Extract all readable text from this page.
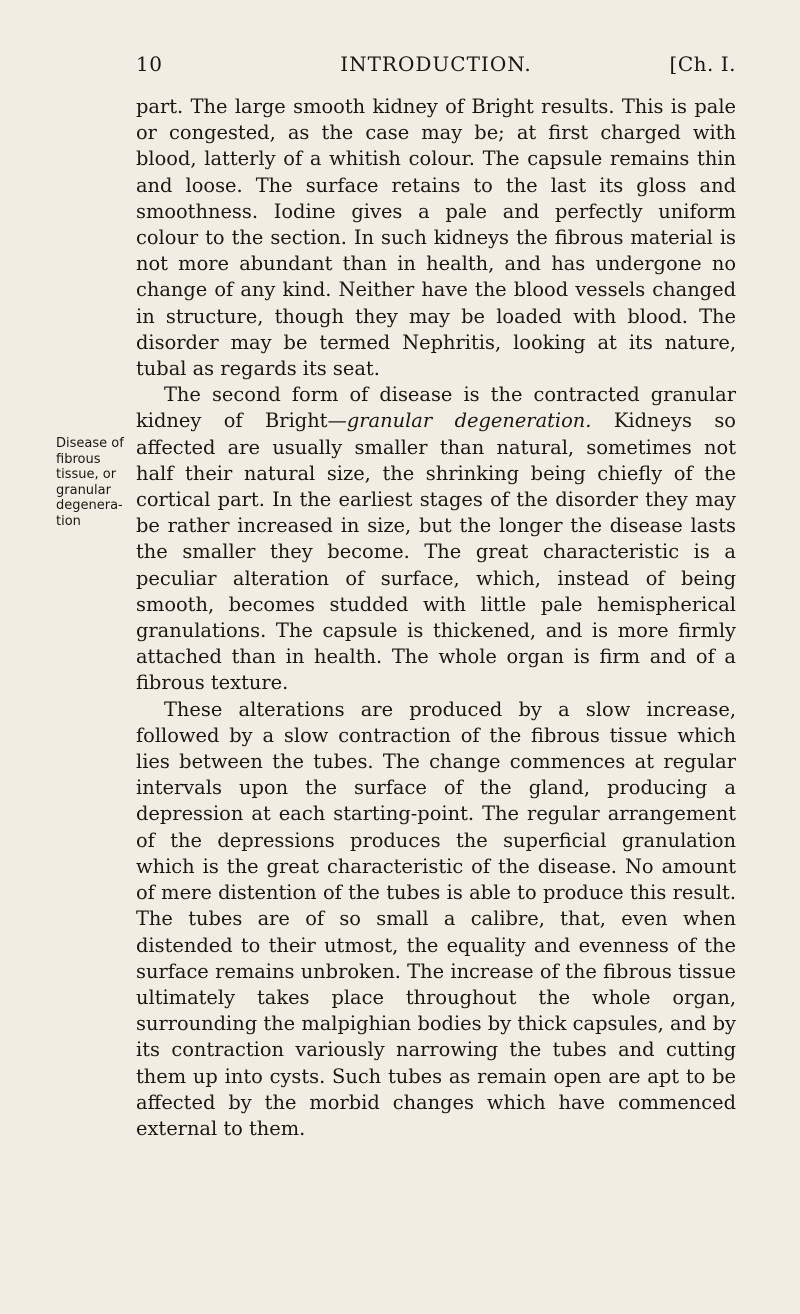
10	INTRODUCTION.	[Ch. I.
Disease of
fibrous
tissue, or
granular
degenera-
tion

part. The large smooth kidney of Bright results. This is pale or congested, as the case may be; at first charged with blood, latterly of a whitish colour. The capsule remains thin and loose. The surface retains to the last its gloss and smoothness. Iodine gives a pale and perfectly uniform colour to the section. In such kidneys the fibrous material is not more abundant than in health, and has undergone no change of any kind. Neither have the blood vessels changed in structure, though they may be loaded with blood. The disorder may be termed Nephritis, looking at its nature, tubal as regards its seat.

The second form of disease is the contracted granular kidney of Bright—granular degeneration. Kidneys so affected are usually smaller than natural, sometimes not half their natural size, the shrinking being chiefly of the cortical part. In the earliest stages of the disorder they may be rather increased in size, but the longer the disease lasts the smaller they become. The great characteristic is a peculiar alteration of surface, which, instead of being smooth, becomes studded with little pale hemispherical granulations. The capsule is thickened, and is more firmly attached than in health. The whole organ is firm and of a fibrous texture.

These alterations are produced by a slow increase, followed by a slow contraction of the fibrous tissue which lies between the tubes. The change commences at regular intervals upon the surface of the gland, producing a depression at each starting-point. The regular arrangement of the depressions produces the superficial granulation which is the great characteristic of the disease. No amount of mere distention of the tubes is able to produce this result. The tubes are of so small a calibre, that, even when distended to their utmost, the equality and evenness of the surface remains unbroken. The increase of the fibrous tissue ultimately takes place throughout the whole organ, surrounding the malpighian bodies by thick capsules, and by its contraction variously narrowing the tubes and cutting them up into cysts. Such tubes as remain open are apt to be affected by the morbid changes which have commenced external to them.
